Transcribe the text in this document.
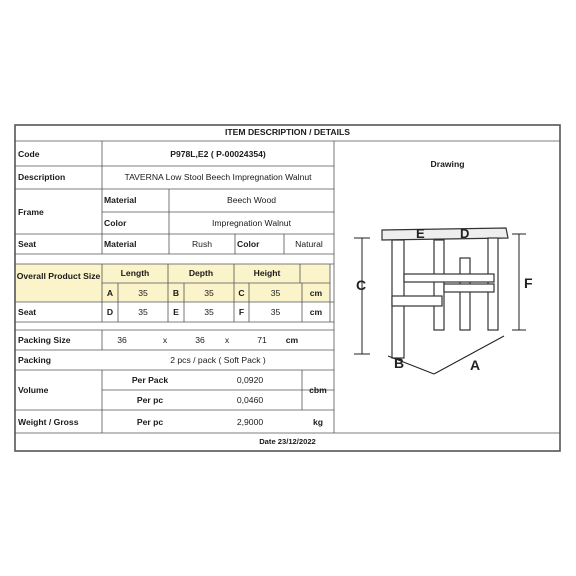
ITEM DESCRIPTION / DETAILS
Code	P978L,E2 ( P-00024354)
Description	TAVERNA Low Stool Beech Impregnation Walnut
Frame
Material	Beech Wood
Color	Impregnation Walnut
Seat	Material	Rush	Color	Natural
Overall Product Size	Length	Depth	Height
A	35	B	35	C	35	cm
Seat	D	35	E	35	F	35	cm
Packing Size	36	x	36	x	71	cm
Packing	2 pcs / pack ( Soft Pack )
Volume
Per Pack	0,0920
Per pc	0,0460
cbm
Weight / Gross	Per pc	2,9000	kg
Drawing
Date 23/12/2022
E	D
C	F
B	A
